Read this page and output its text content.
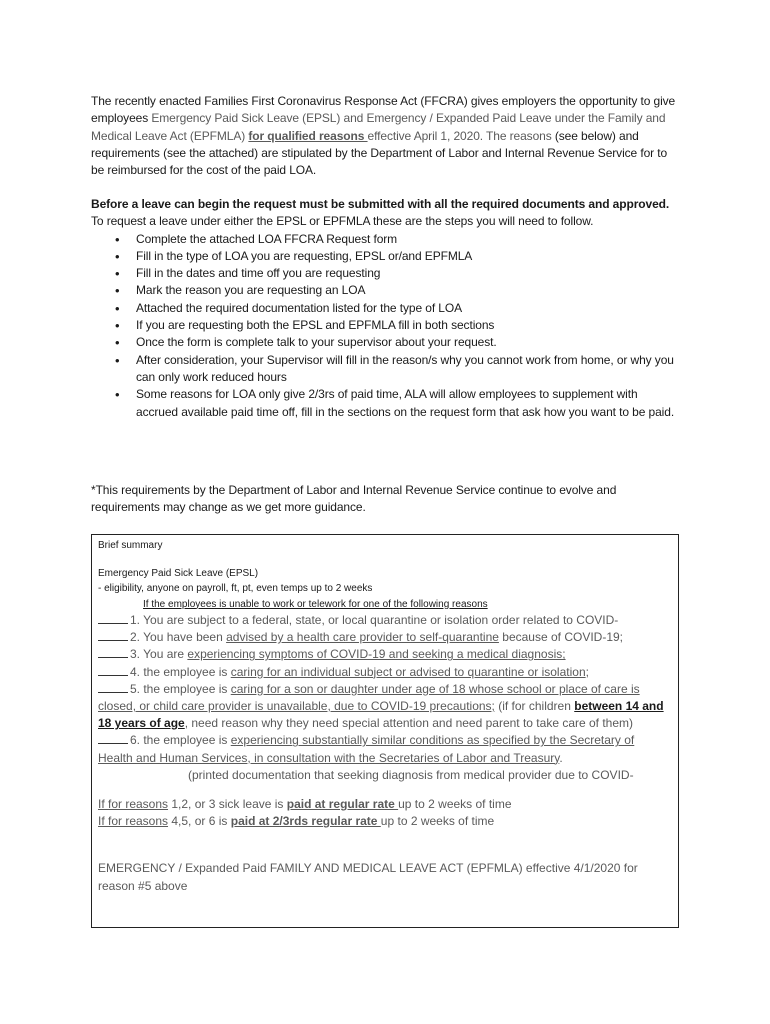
The recently enacted Families First Coronavirus Response Act (FFCRA) gives employers the opportunity to give employees Emergency Paid Sick Leave (EPSL) and Emergency / Expanded Paid Leave under the Family and Medical Leave Act (EPFMLA) for qualified reasons effective April 1, 2020. The reasons (see below) and requirements (see the attached) are stipulated by the Department of Labor and Internal Revenue Service for to be reimbursed for the cost of the paid LOA.
Before a leave can begin the request must be submitted with all the required documents and approved. To request a leave under either the EPSL or EPFMLA these are the steps you will need to follow.
• Complete the attached LOA FFCRA Request form
• Fill in the type of LOA you are requesting, EPSL or/and EPFMLA
• Fill in the dates and time off you are requesting
• Mark the reason you are requesting an LOA
• Attached the required documentation listed for the type of LOA
• If you are requesting both the EPSL and EPFMLA fill in both sections
• Once the form is complete talk to your supervisor about your request.
• After consideration, your Supervisor will fill in the reason/s why you cannot work from home, or why you can only work reduced hours
• Some reasons for LOA only give 2/3rs of paid time, ALA will allow employees to supplement with accrued available paid time off, fill in the sections on the request form that ask how you want to be paid.
*This requirements by the Department of Labor and Internal Revenue Service continue to evolve and requirements may change as we get more guidance.
Brief summary
Emergency Paid Sick Leave (EPSL)
- eligibility, anyone on payroll, ft, pt, even temps up to 2 weeks
If the employees is unable to work or telework for one of the following reasons
1. You are subject to a federal, state, or local quarantine or isolation order related to COVID-
2. You have been advised by a health care provider to self-quarantine because of COVID-19;
3. You are experiencing symptoms of COVID-19 and seeking a medical diagnosis;
4. the employee is caring for an individual subject or advised to quarantine or isolation;
5. the employee is caring for a son or daughter under age of 18 whose school or place of care is closed, or child care provider is unavailable, due to COVID-19 precautions; (if for children between 14 and 18 years of age, need reason why they need special attention and need parent to take care of them)
6. the employee is experiencing substantially similar conditions as specified by the Secretary of Health and Human Services, in consultation with the Secretaries of Labor and Treasury.
(printed documentation that seeking diagnosis from medical provider due to COVID-
If for reasons 1,2, or 3 sick leave is paid at regular rate up to 2 weeks of time
If for reasons 4,5, or 6 is paid at 2/3rds regular rate up to 2 weeks of time
EMERGENCY / Expanded Paid FAMILY AND MEDICAL LEAVE ACT (EPFMLA) effective 4/1/2020 for reason #5 above
